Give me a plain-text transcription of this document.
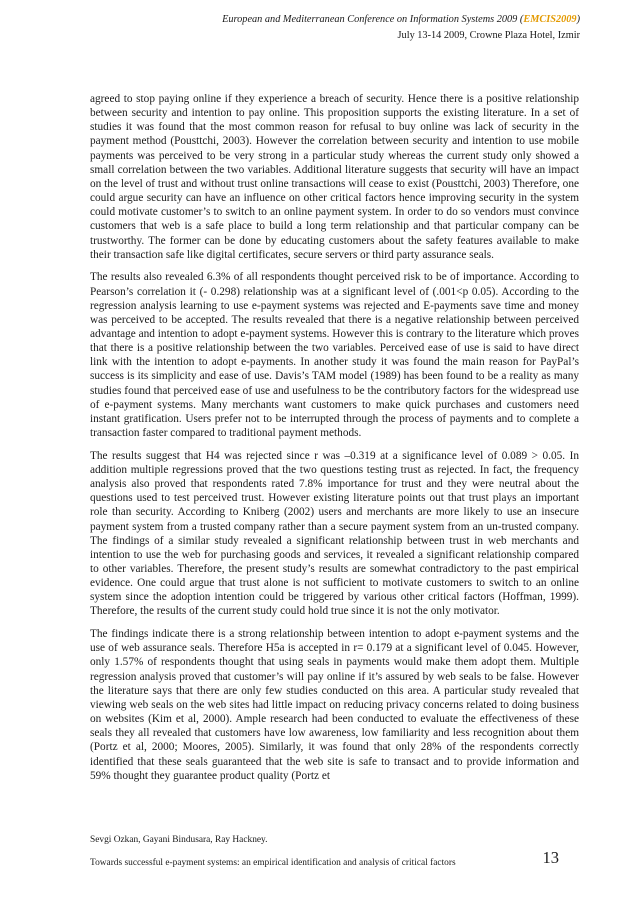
European and Mediterranean Conference on Information Systems 2009 (EMCIS2009)
July 13-14 2009, Crowne Plaza Hotel, Izmir

agreed to stop paying online if they experience a breach of security. Hence there is a positive relationship between security and intention to pay online. This proposition supports the existing literature. In a set of studies it was found that the most common reason for refusal to buy online was lack of security in the payment method (Pousttchi, 2003). However the correlation between security and intention to use mobile payments was perceived to be very strong in a particular study whereas the current study only showed a small correlation between the two variables. Additional literature suggests that security will have an impact on the level of trust and without trust online transactions will cease to exist (Pousttchi, 2003) Therefore, one could argue security can have an influence on other critical factors hence improving security in the system could motivate customer’s to switch to an online payment system. In order to do so vendors must convince customers that web is a safe place to build a long term relationship and that particular company can be trustworthy. The former can be done by educating customers about the safety features available to make their transaction safe like digital certificates, secure servers or third party assurance seals.

The results also revealed 6.3% of all respondents thought perceived risk to be of importance. According to Pearson’s correlation it (- 0.298) relationship was at a significant level of (.001<p 0.05). According to the regression analysis learning to use e-payment systems was rejected and E-payments save time and money was perceived to be accepted. The results revealed that there is a negative relationship between perceived advantage and intention to adopt e-payment systems. However this is contrary to the literature which proves that there is a positive relationship between the two variables. Perceived ease of use is said to have direct link with the intention to adopt e-payments. In another study it was found the main reason for PayPal’s success is its simplicity and ease of use. Davis’s TAM model (1989) has been found to be a reality as many studies found that perceived ease of use and usefulness to be the contributory factors for the widespread use of e-payment systems. Many merchants want customers to make quick purchases and customers need instant gratification. Users prefer not to be interrupted through the process of payments and to complete a transaction faster compared to traditional payment methods.

The results suggest that H4 was rejected since r was –0.319 at a significance level of 0.089 > 0.05. In addition multiple regressions proved that the two questions testing trust as rejected. In fact, the frequency analysis also proved that respondents rated 7.8% importance for trust and they were neutral about the questions used to test perceived trust. However existing literature points out that trust plays an important role than security. According to Kniberg (2002) users and merchants are more likely to use an insecure payment system from a trusted company rather than a secure payment system from an un-trusted company. The findings of a similar study revealed a significant relationship between trust in web merchants and intention to use the web for purchasing goods and services, it revealed a significant relationship compared to other variables. Therefore, the present study’s results are somewhat contradictory to the past empirical evidence. One could argue that trust alone is not sufficient to motivate customers to switch to an online system since the adoption intention could be triggered by various other critical factors (Hoffman, 1999). Therefore, the results of the current study could hold true since it is not the only motivator.

The findings indicate there is a strong relationship between intention to adopt e-payment systems and the use of web assurance seals. Therefore H5a is accepted in r= 0.179 at a significant level of 0.045. However, only 1.57% of respondents thought that using seals in payments would make them adopt them. Multiple regression analysis proved that customer’s will pay online if it’s assured by web seals to be false. However the literature says that there are only few studies conducted on this area. A particular study revealed that viewing web seals on the web sites had little impact on reducing privacy concerns related to doing business on websites (Kim et al, 2000). Ample research had been conducted to evaluate the effectiveness of these seals they all revealed that customers have low awareness, low familiarity and less recognition about them (Portz et al, 2000; Moores, 2005). Similarly, it was found that only 28% of the respondents correctly identified that these seals guaranteed that the web site is safe to transact and to provide information and 59% thought they guarantee product quality (Portz et

Sevgi Ozkan, Gayani Bindusara, Ray Hackney.
Towards successful e-payment systems: an empirical identification and analysis of critical factors	13
